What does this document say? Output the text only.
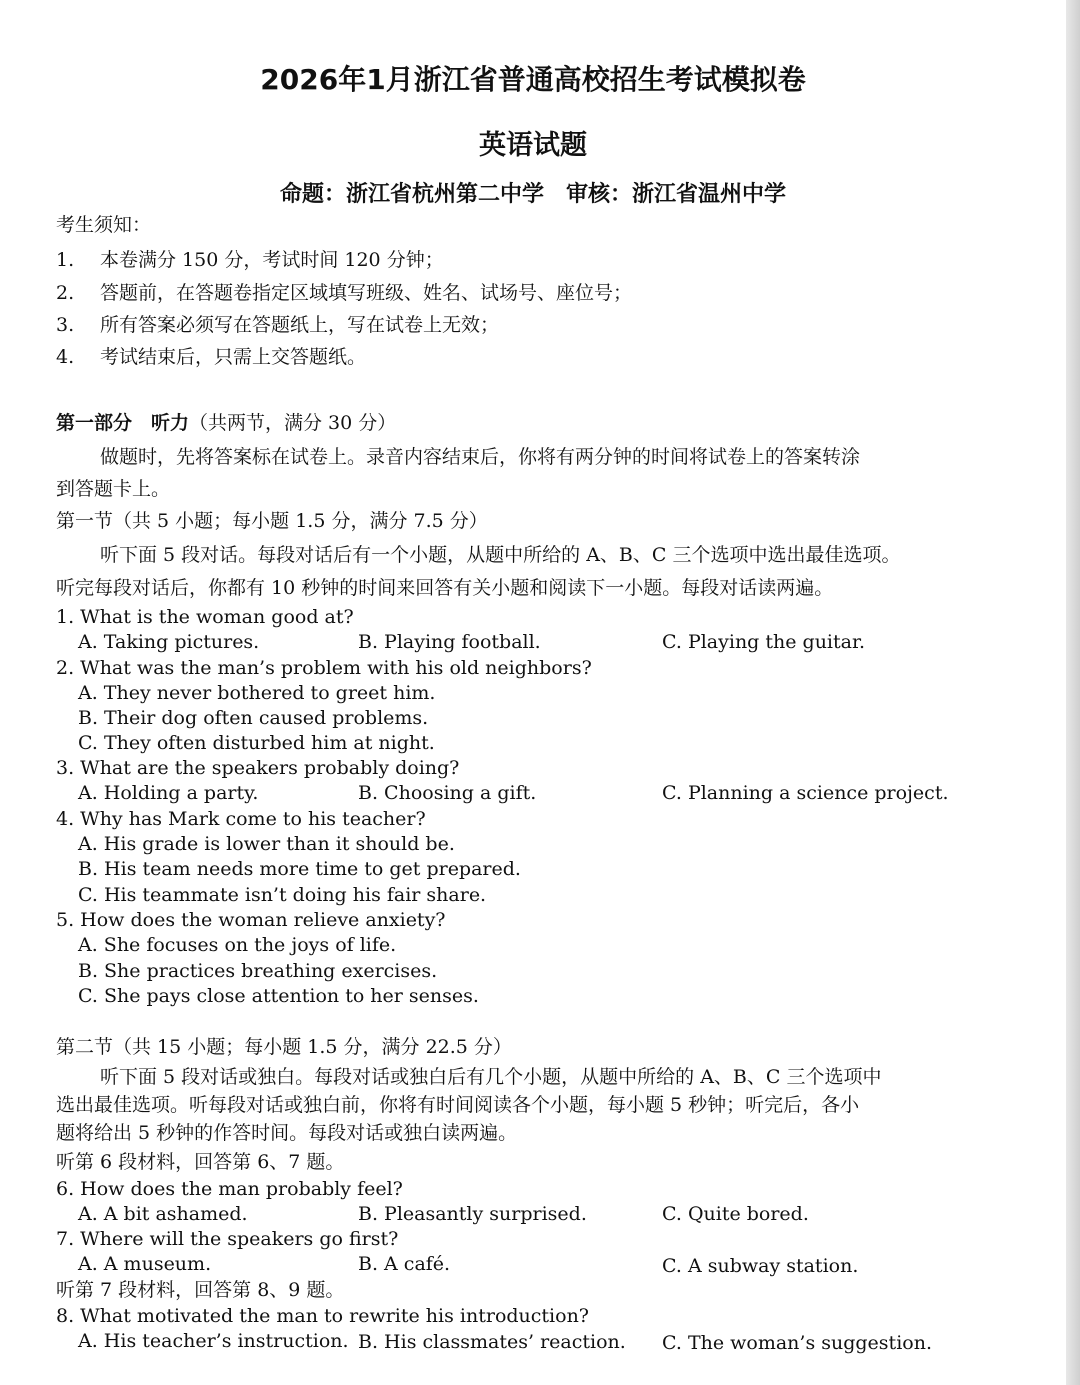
2026年1月浙江省普通高校招生考试模拟卷
英语试题
命题：浙江省杭州第二中学　审核：浙江省温州中学
考生须知：
1. 本卷满分 150 分，考试时间 120 分钟；
2. 答题前，在答题卷指定区域填写班级、姓名、试场号、座位号；
3. 所有答案必须写在答题纸上，写在试卷上无效；
4. 考试结束后，只需上交答题纸。
第一部分　听力（共两节，满分 30 分）
做题时，先将答案标在试卷上。录音内容结束后，你将有两分钟的时间将试卷上的答案转涂
到答题卡上。
第一节（共 5 小题；每小题 1.5 分，满分 7.5 分）
听下面 5 段对话。每段对话后有一个小题，从题中所给的 A、B、C 三个选项中选出最佳选项。
听完每段对话后，你都有 10 秒钟的时间来回答有关小题和阅读下一小题。每段对话读两遍。
1. What is the woman good at?
A. Taking pictures.	B. Playing football.	C. Playing the guitar.
2. What was the man’s problem with his old neighbors?
A. They never bothered to greet him.
B. Their dog often caused problems.
C. They often disturbed him at night.
3. What are the speakers probably doing?
A. Holding a party.	B. Choosing a gift.	C. Planning a science project.
4. Why has Mark come to his teacher?
A. His grade is lower than it should be.
B. His team needs more time to get prepared.
C. His teammate isn’t doing his fair share.
5. How does the woman relieve anxiety?
A. She focuses on the joys of life.
B. She practices breathing exercises.
C. She pays close attention to her senses.
第二节（共 15 小题；每小题 1.5 分，满分 22.5 分）
听下面 5 段对话或独白。每段对话或独白后有几个小题，从题中所给的 A、B、C 三个选项中
选出最佳选项。听每段对话或独白前，你将有时间阅读各个小题，每小题 5 秒钟；听完后，各小
题将给出 5 秒钟的作答时间。每段对话或独白读两遍。
听第 6 段材料，回答第 6、7 题。
6. How does the man probably feel?
A. A bit ashamed.	B. Pleasantly surprised.	C. Quite bored.
7. Where will the speakers go first?
A. A museum.	B. A café.	C. A subway station.
听第 7 段材料，回答第 8、9 题。
8. What motivated the man to rewrite his introduction?
A. His teacher’s instruction. B. His classmates’ reaction. C. The woman’s suggestion.
